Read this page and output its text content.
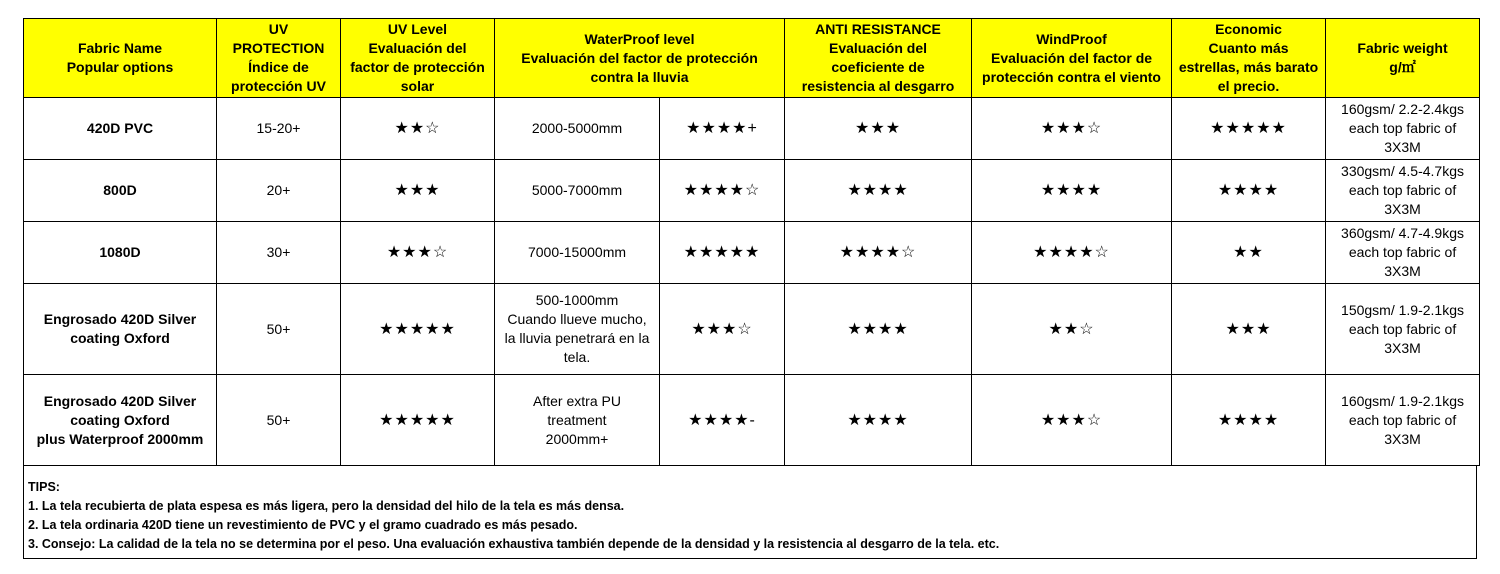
Fabric Name
Popular options	UV
PROTECTION
Índice de
protección UV	UV Level
Evaluación del
factor de protección
solar	WaterProof level
Evaluación del factor de protección
contra la lluvia		ANTI RESISTANCE
Evaluación del
coeficiente de
resistencia al desgarro	WindProof
Evaluación del factor de
protección contra el viento	Economic
Cuanto más
estrellas, más barato
el precio.	Fabric weight
g/㎡

420D PVC	15-20+	★★☆	2000-5000mm	★★★★+	★★★	★★★☆	★★★★★	160gsm/ 2.2-2.4kgs
each top fabric of
3X3M

800D	20+	★★★	5000-7000mm	★★★★☆	★★★★	★★★★	★★★★	330gsm/ 4.5-4.7kgs
each top fabric of
3X3M

1080D	30+	★★★☆	7000-15000mm	★★★★★	★★★★☆	★★★★☆	★★	360gsm/ 4.7-4.9kgs
each top fabric of
3X3M

Engrosado 420D Silver
coating Oxford	50+	★★★★★	500-1000mm
Cuando llueve mucho,
la lluvia penetrará en la
tela.	★★★☆	★★★★	★★☆	★★★	150gsm/ 1.9-2.1kgs
each top fabric of
3X3M

Engrosado 420D Silver
coating Oxford
plus Waterproof 2000mm	50+	★★★★★	After extra PU
treatment
2000mm+	★★★★-	★★★★	★★★☆	★★★★	160gsm/ 1.9-2.1kgs
each top fabric of
3X3M
TIPS:
1. La tela recubierta de plata espesa es más ligera, pero la densidad del hilo de la tela es más densa.
2. La tela ordinaria 420D tiene un revestimiento de PVC y el gramo cuadrado es más pesado.
3. Consejo: La calidad de la tela no se determina por el peso. Una evaluación exhaustiva también depende de la densidad y la resistencia al desgarro de la tela. etc.
